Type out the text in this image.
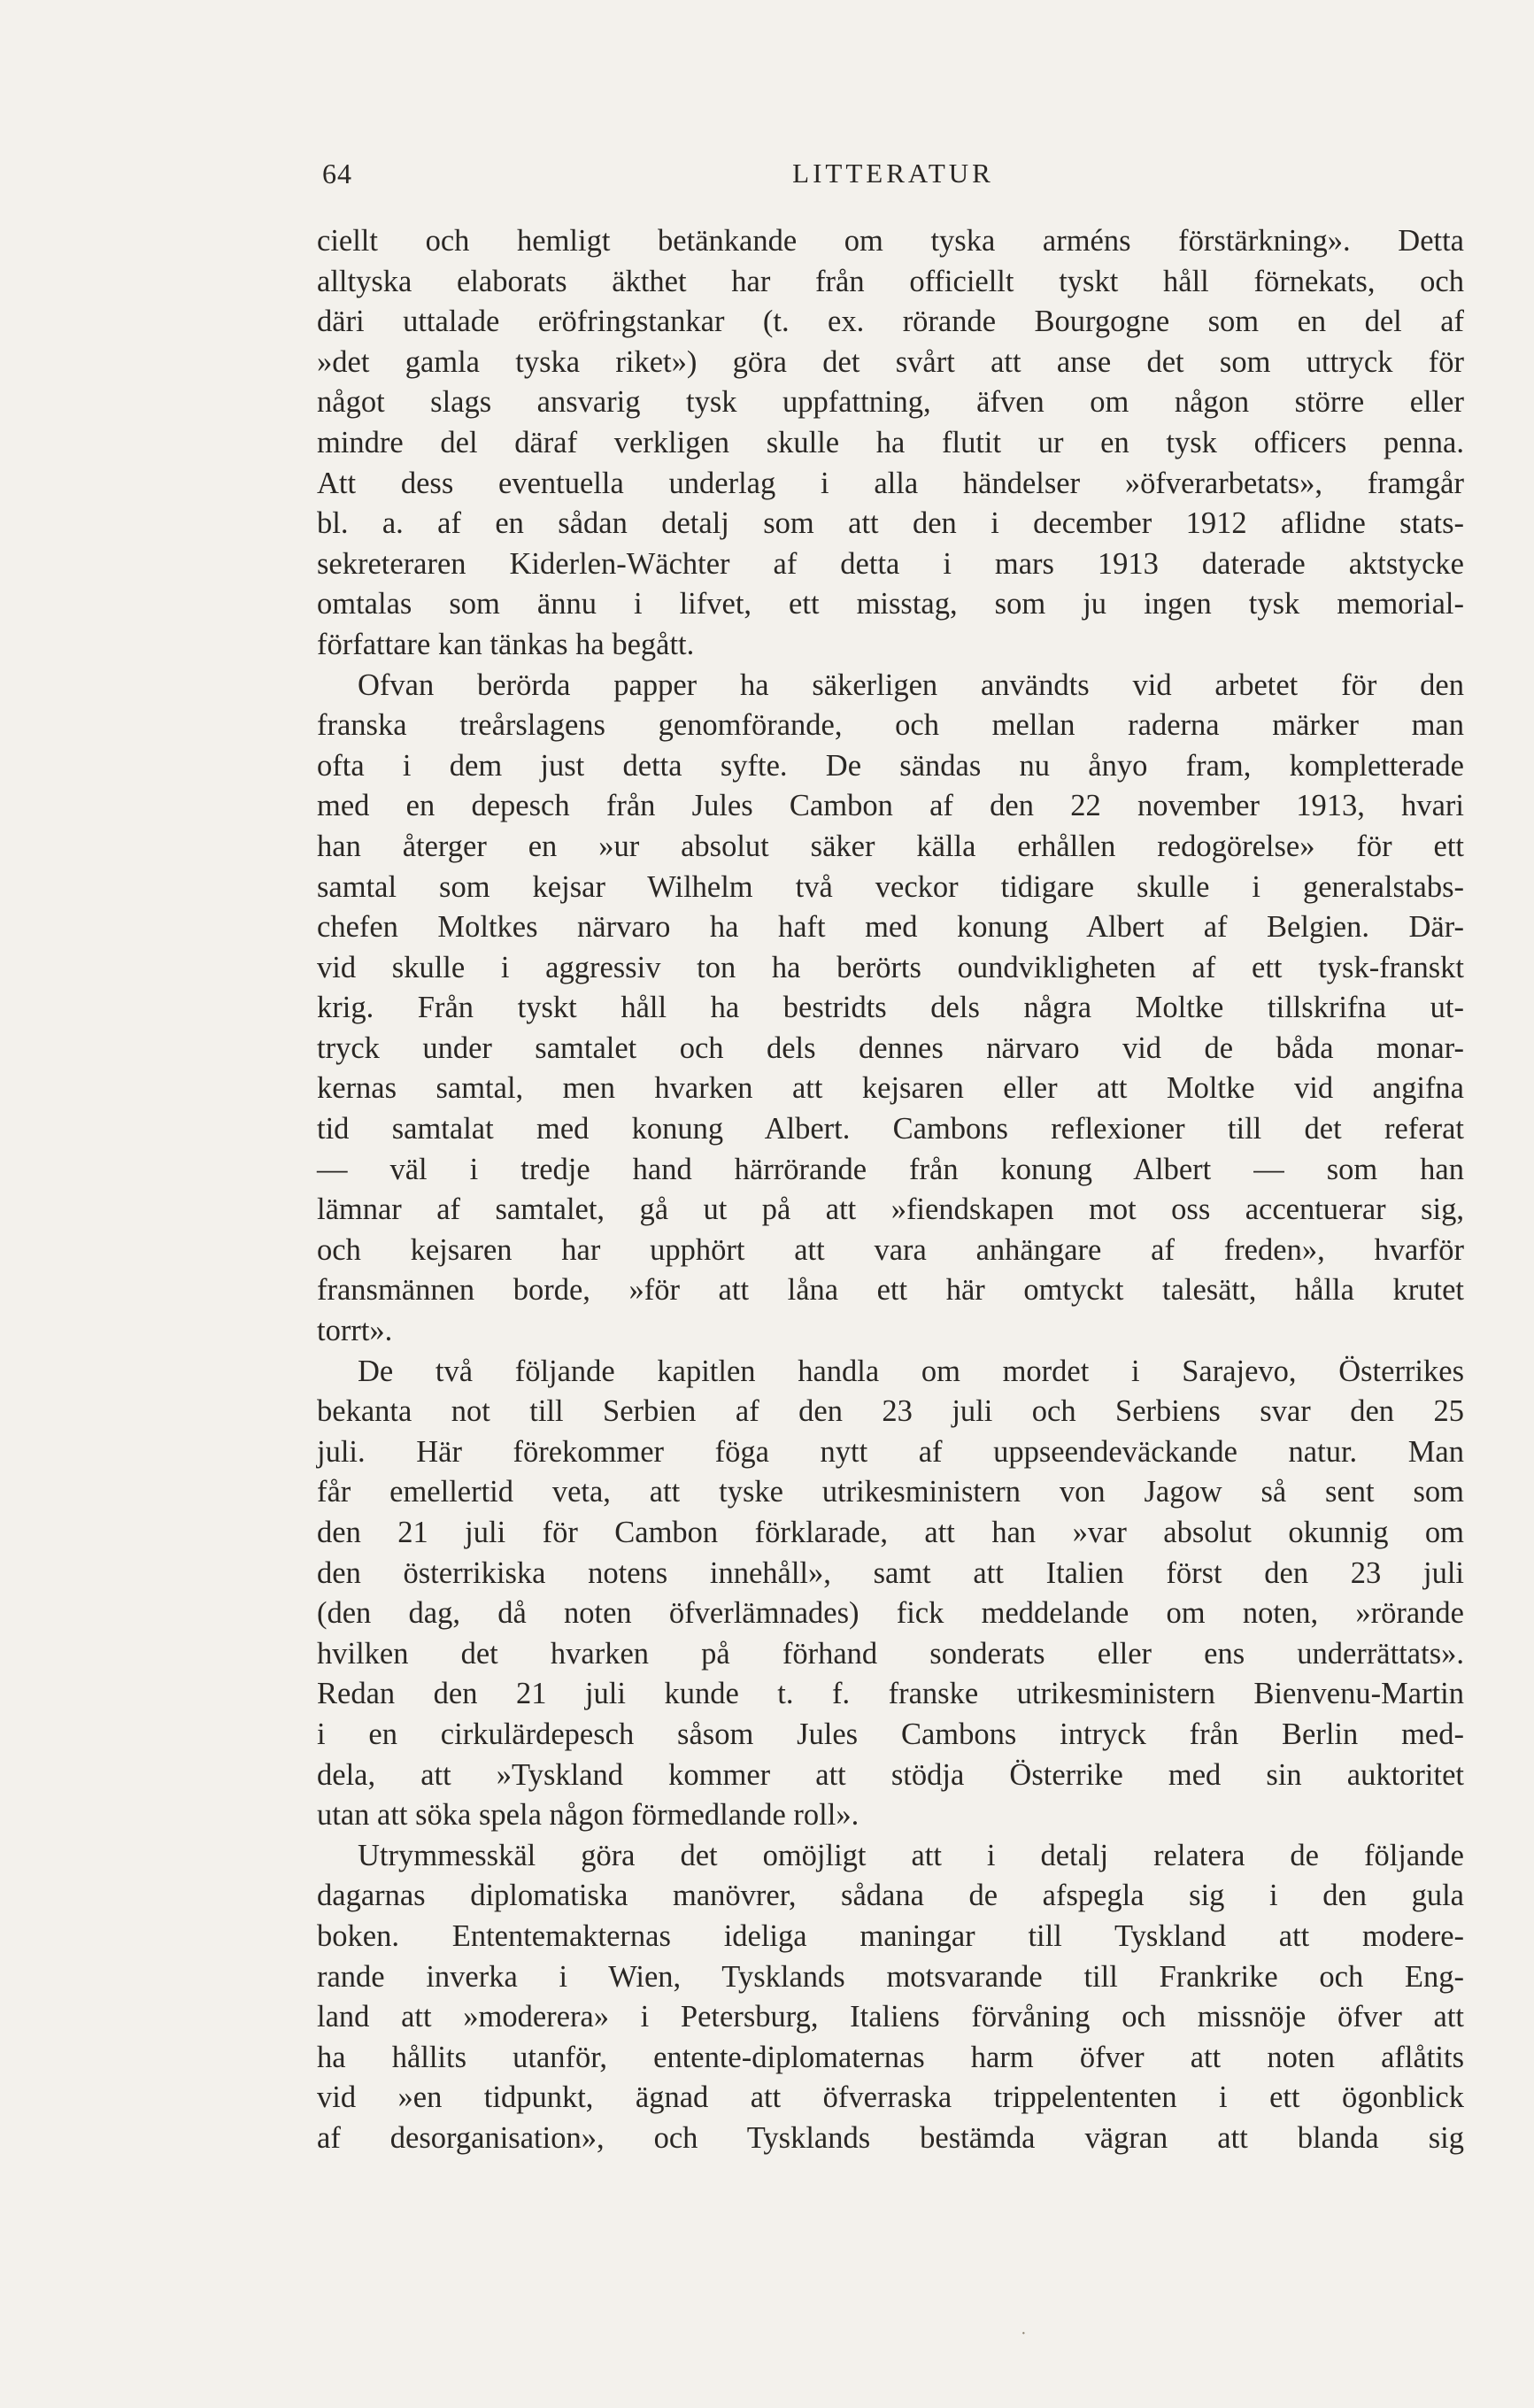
64	LITTERATUR
ciellt och hemligt betänkande om tyska arméns förstärkning». Detta
alltyska elaborats äkthet har från officiellt tyskt håll förnekats, och
däri uttalade eröfringstankar (t. ex. rörande Bourgogne som en del af
»det gamla tyska riket») göra det svårt att anse det som uttryck för
något slags ansvarig tysk uppfattning, äfven om någon större eller
mindre del däraf verkligen skulle ha flutit ur en tysk officers penna.
Att dess eventuella underlag i alla händelser »öfverarbetats», framgår
bl. a. af en sådan detalj som att den i december 1912 aflidne stats-
sekreteraren Kiderlen-Wächter af detta i mars 1913 daterade aktstycke
omtalas som ännu i lifvet, ett misstag, som ju ingen tysk memorial-
författare kan tänkas ha begått.
Ofvan berörda papper ha säkerligen användts vid arbetet för den
franska treårslagens genomförande, och mellan raderna märker man
ofta i dem just detta syfte. De sändas nu ånyo fram, kompletterade
med en depesch från Jules Cambon af den 22 november 1913, hvari
han återger en »ur absolut säker källa erhållen redogörelse» för ett
samtal som kejsar Wilhelm två veckor tidigare skulle i generalstabs-
chefen Moltkes närvaro ha haft med konung Albert af Belgien. Där-
vid skulle i aggressiv ton ha berörts oundvikligheten af ett tysk-franskt
krig. Från tyskt håll ha bestridts dels några Moltke tillskrifna ut-
tryck under samtalet och dels dennes närvaro vid de båda monar-
kernas samtal, men hvarken att kejsaren eller att Moltke vid angifna
tid samtalat med konung Albert. Cambons reflexioner till det referat
— väl i tredje hand härrörande från konung Albert — som han
lämnar af samtalet, gå ut på att »fiendskapen mot oss accentuerar sig,
och kejsaren har upphört att vara anhängare af freden», hvarför
fransmännen borde, »för att låna ett här omtyckt talesätt, hålla krutet
torrt».
De två följande kapitlen handla om mordet i Sarajevo, Österrikes
bekanta not till Serbien af den 23 juli och Serbiens svar den 25
juli. Här förekommer föga nytt af uppseendeväckande natur. Man
får emellertid veta, att tyske utrikesministern von Jagow så sent som
den 21 juli för Cambon förklarade, att han »var absolut okunnig om
den österrikiska notens innehåll», samt att Italien först den 23 juli
(den dag, då noten öfverlämnades) fick meddelande om noten, »rörande
hvilken det hvarken på förhand sonderats eller ens underrättats».
Redan den 21 juli kunde t. f. franske utrikesministern Bienvenu-Martin
i en cirkulärdepesch såsom Jules Cambons intryck från Berlin med-
dela, att »Tyskland kommer att stödja Österrike med sin auktoritet
utan att söka spela någon förmedlande roll».
Utrymmesskäl göra det omöjligt att i detalj relatera de följande
dagarnas diplomatiska manövrer, sådana de afspegla sig i den gula
boken. Ententemakternas ideliga maningar till Tyskland att modere-
rande inverka i Wien, Tysklands motsvarande till Frankrike och Eng-
land att »moderera» i Petersburg, Italiens förvåning och missnöje öfver att
ha hållits utanför, entente-diplomaternas harm öfver att noten aflåtits
vid »en tidpunkt, ägnad att öfverraska trippelententen i ett ögonblick
af desorganisation», och Tysklands bestämda vägran att blanda sig
·
